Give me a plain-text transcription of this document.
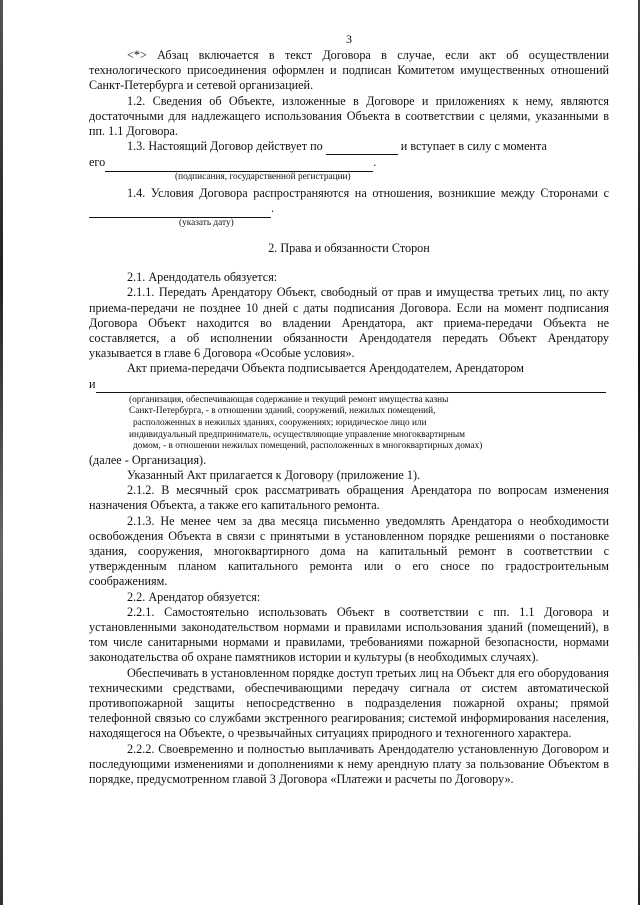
3

<*> Абзац включается в текст Договора в случае, если акт об осуществлении технологического присоединения оформлен и подписан Комитетом имущественных отношений Санкт-Петербурга и сетевой организацией.

1.2. Сведения об Объекте, изложенные в Договоре и приложениях к нему, являются достаточными для надлежащего использования Объекта в соответствии с целями, указанными в пп. 1.1 Договора.

1.3. Настоящий Договор действует по	и вступает в силу с момента

его	.

(подписания, государственной регистрации)

1.4. Условия Договора распространяются на отношения, возникшие между Сторонами с  .

(указать дату)

2. Права и обязанности Сторон

2.1. Арендодатель обязуется:

2.1.1. Передать Арендатору Объект, свободный от прав и имущества третьих лиц, по акту приема-передачи не позднее 10 дней с даты подписания Договора. Если на момент подписания Договора Объект находится во владении Арендатора, акт приема-передачи Объекта не составляется, а об исполнении обязанности Арендодателя передать Объект Арендатору указывается в главе 6 Договора «Особые условия».

Акт приема-передачи Объекта подписывается Арендодателем, Арендатором

и

(организация, обеспечивающая содержание и текущий ремонт имущества казны

Санкт-Петербурга, - в отношении зданий, сооружений, нежилых помещений,

расположенных в нежилых зданиях, сооружениях; юридическое лицо или

индивидуальный предприниматель, осуществляющие управление многоквартирным

домом, - в отношении нежилых помещений, расположенных в многоквартирных домах)

(далее - Организация).

Указанный Акт прилагается к Договору (приложение 1).

2.1.2. В месячный срок рассматривать обращения Арендатора по вопросам изменения назначения Объекта, а также его капитального ремонта.

2.1.3. Не менее чем за два месяца письменно уведомлять Арендатора о необходимости освобождения Объекта в связи с принятыми в установленном порядке решениями о постановке здания, сооружения, многоквартирного дома на капитальный ремонт в соответствии с утвержденным планом капитального ремонта или о его сносе по градостроительным соображениям.

2.2. Арендатор обязуется:

2.2.1. Самостоятельно использовать Объект в соответствии с пп. 1.1 Договора и установленными законодательством нормами и правилами использования зданий (помещений), в том числе санитарными нормами и правилами, требованиями пожарной безопасности, нормами законодательства об охране памятников истории и культуры (в необходимых случаях).

Обеспечивать в установленном порядке доступ третьих лиц на Объект для его оборудования техническими средствами, обеспечивающими передачу сигнала от систем автоматической противопожарной защиты непосредственно в подразделения пожарной охраны; прямой телефонной связью со службами экстренного реагирования; системой информирования населения, находящегося на Объекте, о чрезвычайных ситуациях природного и техногенного характера.

2.2.2. Своевременно и полностью выплачивать Арендодателю установленную Договором и последующими изменениями и дополнениями к нему арендную плату за пользование Объектом в порядке, предусмотренном главой 3 Договора «Платежи и расчеты по Договору».
